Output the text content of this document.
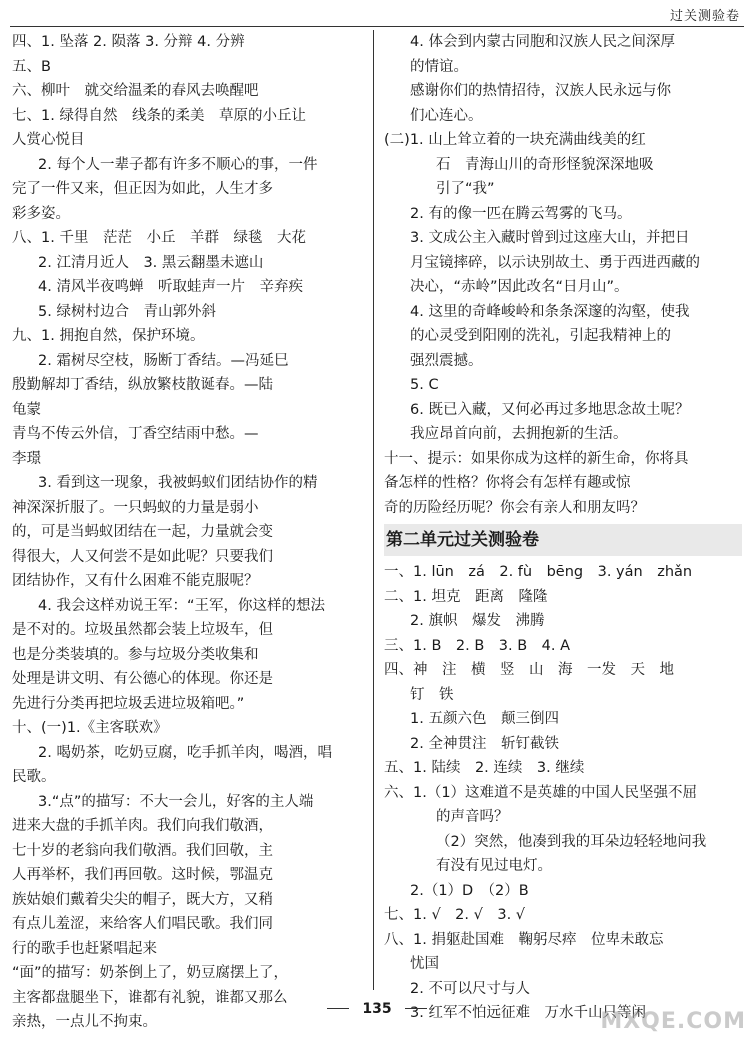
过关测验卷
四、1. 坠落 2. 陨落 3. 分辩 4. 分辨
五、B
六、柳叶　就交给温柔的春风去唤醒吧
七、1. 绿得自然　线条的柔美　草原的小丘让
人赏心悦目
2. 每个人一辈子都有许多不顺心的事，一件
完了一件又来，但正因为如此，人生才多
彩多姿。
八、1. 千里　茫茫　小丘　羊群　绿毯　大花
2. 江清月近人　3. 黑云翻墨未遮山
4. 清风半夜鸣蝉　听取蛙声一片　辛弃疾
5. 绿树村边合　青山郭外斜
九、1. 拥抱自然，保护环境。
2. 霜树尽空枝，肠断丁香结。—冯延巳
殷勤解却丁香结，纵放繁枝散诞春。—陆
龟蒙
青鸟不传云外信，丁香空结雨中愁。—
李璟
3. 看到这一现象，我被蚂蚁们团结协作的精
神深深折服了。一只蚂蚁的力量是弱小
的，可是当蚂蚁团结在一起，力量就会变
得很大，人又何尝不是如此呢？只要我们
团结协作，又有什么困难不能克服呢？
4. 我会这样劝说王军：“王军，你这样的想法
是不对的。垃圾虽然都会装上垃圾车，但
也是分类装填的。参与垃圾分类收集和
处理是讲文明、有公德心的体现。你还是
先进行分类再把垃圾丢进垃圾箱吧。”
十、(一)1.《主客联欢》
2. 喝奶茶，吃奶豆腐，吃手抓羊肉，喝酒，唱
民歌。
3.“点”的描写：不大一会儿，好客的主人端
进来大盘的手抓羊肉。我们向我们敬酒，
七十岁的老翁向我们敬酒。我们回敬，主
人再举杯，我们再回敬。这时候，鄂温克
族姑娘们戴着尖尖的帽子，既大方，又稍
有点儿羞涩，来给客人们唱民歌。我们同
行的歌手也赶紧唱起来
“面”的描写：奶茶倒上了，奶豆腐摆上了，
主客都盘腿坐下，谁都有礼貌，谁都又那么
亲热，一点儿不拘束。
4. 体会到内蒙古同胞和汉族人民之间深厚
的情谊。
感谢你们的热情招待，汉族人民永远与你
们心连心。
(二)1. 山上耸立着的一块充满曲线美的红
石　青海山川的奇形怪貌深深地吸
引了“我”
2. 有的像一匹在腾云驾雾的飞马。
3. 文成公主入藏时曾到过这座大山，并把日
月宝镜摔碎，以示诀别故土、勇于西进西藏的
决心，“赤岭”因此改名“日月山”。
4. 这里的奇峰峻岭和条条深邃的沟壑，使我
的心灵受到阳刚的洗礼，引起我精神上的
强烈震撼。
5. C
6. 既已入藏，又何必再过多地思念故土呢？
我应昂首向前，去拥抱新的生活。
十一、提示：如果你成为这样的新生命，你将具
备怎样的性格？你将会有怎样有趣或惊
奇的历险经历呢？你会有亲人和朋友吗？
第二单元过关测验卷
一、1. lūn　zá　2. fù　bēng　3. yán　zhǎn
二、1. 坦克　距离　隆隆
2. 旗帜　爆发　沸腾
三、1. B　2. B　3. B　4. A
四、神　注　横　竖　山　海　一发　天　地
钉　铁
1. 五颜六色　颠三倒四
2. 全神贯注　斩钉截铁
五、1. 陆续　2. 连续　3. 继续
六、1.（1）这难道不是英雄的中国人民坚强不屈
的声音吗？
（2）突然，他凑到我的耳朵边轻轻地问我
有没有见过电灯。
2.（1）D　（2）B
七、1. √　2. √　3. √
八、1. 捐躯赴国难　鞠躬尽瘁　位卑未敢忘
忧国
2. 不可以尺寸与人
3. 红军不怕远征难　万水千山只等闲
135	MXQE.COM
